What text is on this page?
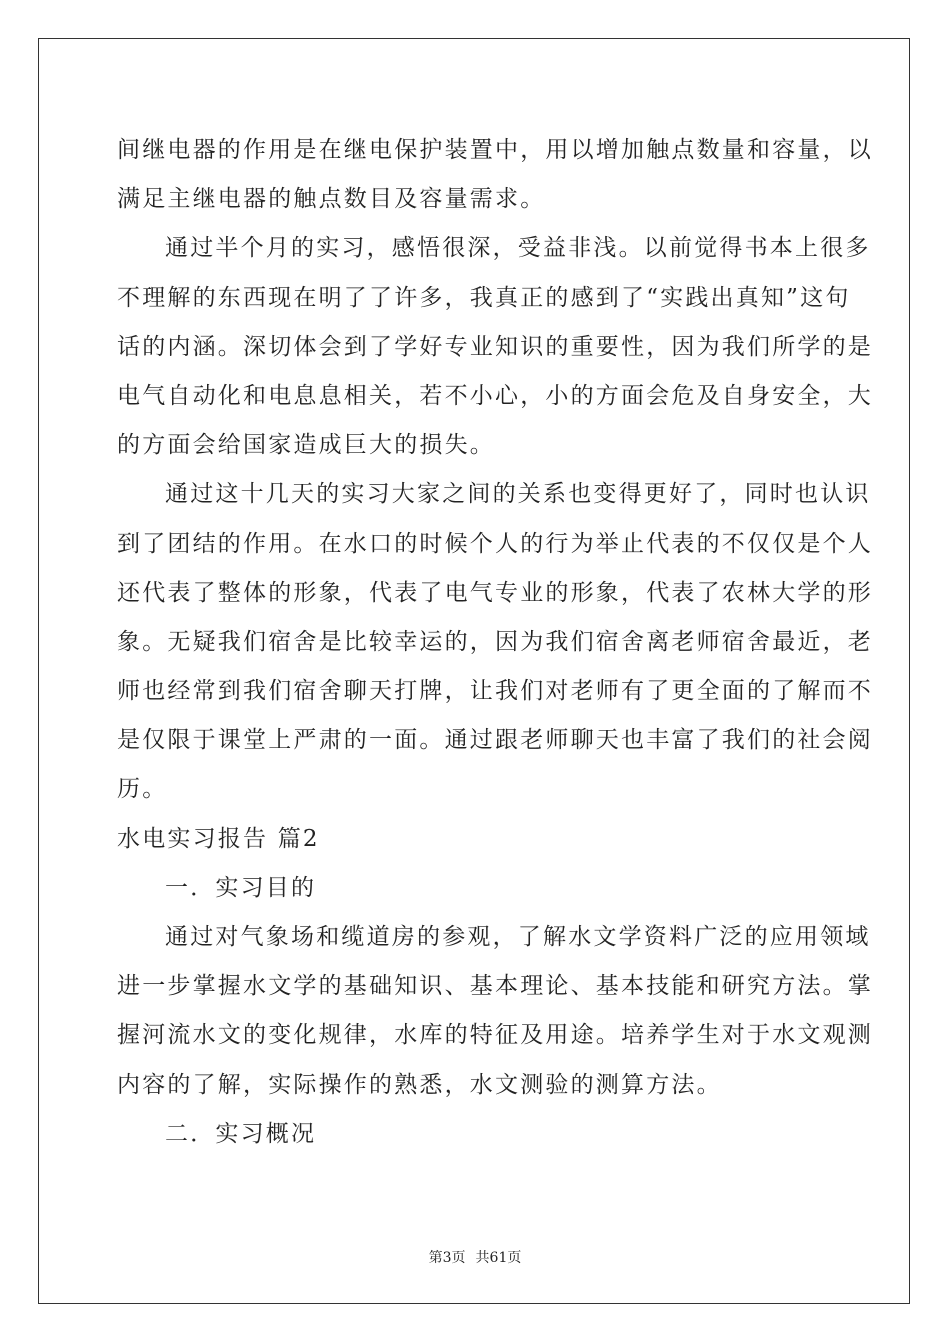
间继电器的作用是在继电保护装置中，用以增加触点数量和容量，以
满足主继电器的触点数目及容量需求。
通过半个月的实习，感悟很深，受益非浅。以前觉得书本上很多
不理解的东西现在明了了许多，我真正的感到了“实践出真知”这句
话的内涵。深切体会到了学好专业知识的重要性，因为我们所学的是
电气自动化和电息息相关，若不小心，小的方面会危及自身安全，大
的方面会给国家造成巨大的损失。
通过这十几天的实习大家之间的关系也变得更好了，同时也认识
到了团结的作用。在水口的时候个人的行为举止代表的不仅仅是个人
还代表了整体的形象，代表了电气专业的形象，代表了农林大学的形
象。无疑我们宿舍是比较幸运的，因为我们宿舍离老师宿舍最近，老
师也经常到我们宿舍聊天打牌，让我们对老师有了更全面的了解而不
是仅限于课堂上严肃的一面。通过跟老师聊天也丰富了我们的社会阅
历。
水电实习报告 篇2
一．实习目的
通过对气象场和缆道房的参观，了解水文学资料广泛的应用领域
进一步掌握水文学的基础知识、基本理论、基本技能和研究方法。掌
握河流水文的变化规律，水库的特征及用途。培养学生对于水文观测
内容的了解，实际操作的熟悉，水文测验的测算方法。
二．实习概况
第3页 共61页
